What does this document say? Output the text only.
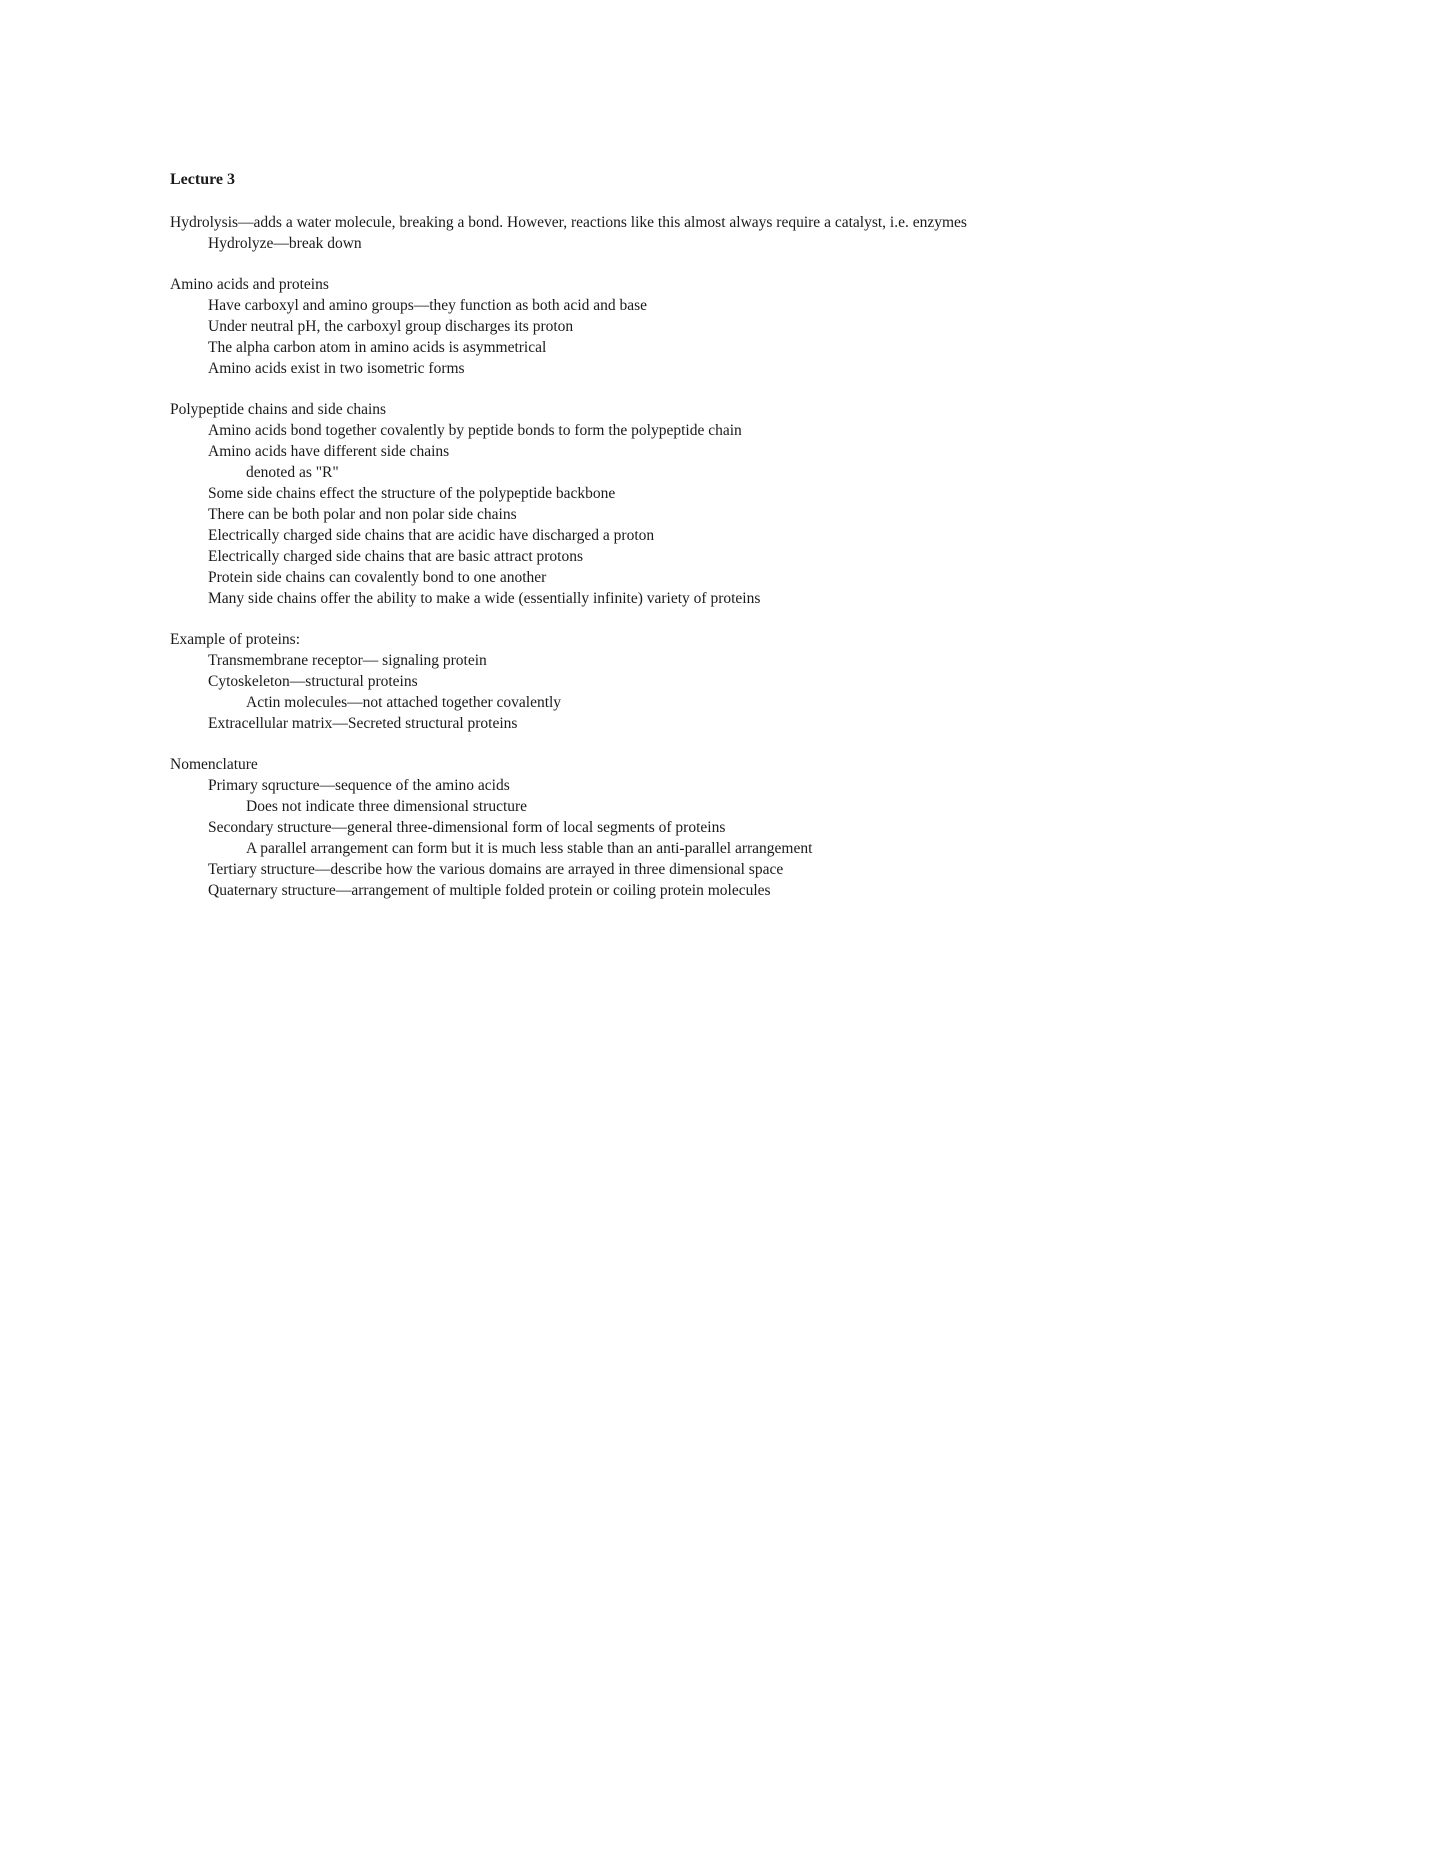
Lecture 3
Hydrolysis—adds a water molecule, breaking a bond. However, reactions like this almost always require a catalyst, i.e. enzymes
Hydrolyze—break down
Amino acids and proteins
Have carboxyl and amino groups—they function as both acid and base
Under neutral pH, the carboxyl group discharges its proton
The alpha carbon atom in amino acids is asymmetrical
Amino acids exist in two isometric forms
Polypeptide chains and side chains
Amino acids bond together covalently by peptide bonds to form the polypeptide chain
Amino acids have different side chains
denoted as "R"
Some side chains effect the structure of the polypeptide backbone
There can be both polar and non polar side chains
Electrically charged side chains that are acidic have discharged a proton
Electrically charged side chains that are basic attract protons
Protein side chains can covalently bond to one another
Many side chains offer the ability to make a wide (essentially infinite) variety of proteins
Example of proteins:
Transmembrane receptor— signaling protein
Cytoskeleton—structural proteins
Actin molecules—not attached together covalently
Extracellular matrix—Secreted structural proteins
Nomenclature
Primary sqructure—sequence of the amino acids
Does not indicate three dimensional structure
Secondary structure—general three-dimensional form of local segments of proteins
A parallel arrangement can form but it is much less stable than an anti-parallel arrangement
Tertiary structure—describe how the various domains are arrayed in three dimensional space
Quaternary structure—arrangement of multiple folded protein or coiling protein molecules
